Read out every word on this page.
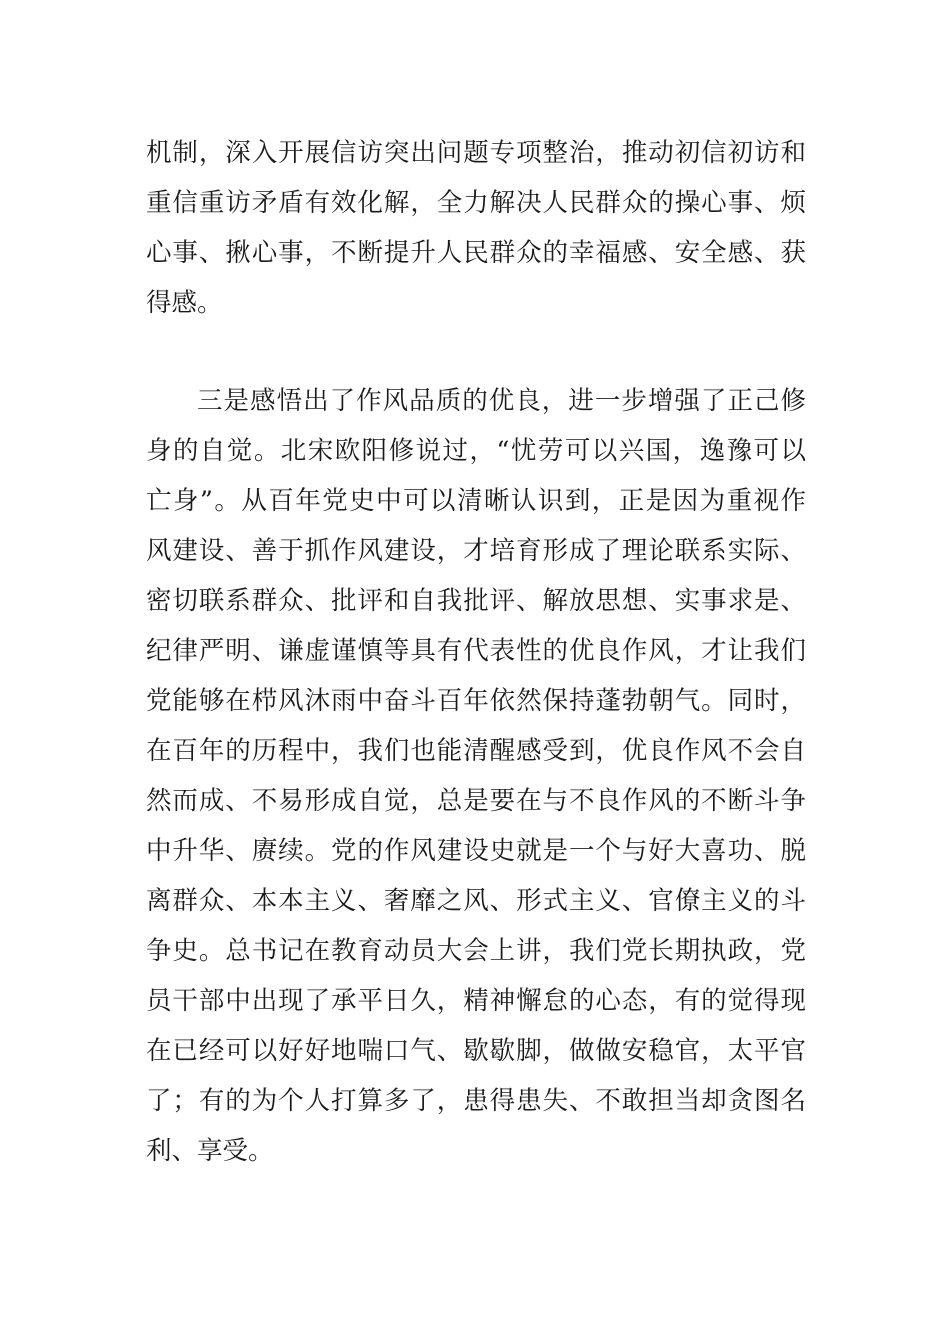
机制，深入开展信访突出问题专项整治，推动初信初访和
重信重访矛盾有效化解，全力解决人民群众的操心事、烦
心事、揪心事，不断提升人民群众的幸福感、安全感、获
得感。
三是感悟出了作风品质的优良，进一步增强了正己修
身的自觉。北宋欧阳修说过，“忧劳可以兴国，逸豫可以
亡身”。从百年党史中可以清晰认识到，正是因为重视作
风建设、善于抓作风建设，才培育形成了理论联系实际、
密切联系群众、批评和自我批评、解放思想、实事求是、
纪律严明、谦虚谨慎等具有代表性的优良作风，才让我们
党能够在栉风沐雨中奋斗百年依然保持蓬勃朝气。同时，
在百年的历程中，我们也能清醒感受到，优良作风不会自
然而成、不易形成自觉，总是要在与不良作风的不断斗争
中升华、赓续。党的作风建设史就是一个与好大喜功、脱
离群众、本本主义、奢靡之风、形式主义、官僚主义的斗
争史。总书记在教育动员大会上讲，我们党长期执政，党
员干部中出现了承平日久，精神懈怠的心态，有的觉得现
在已经可以好好地喘口气、歇歇脚，做做安稳官，太平官
了；有的为个人打算多了，患得患失、不敢担当却贪图名
利、享受。
